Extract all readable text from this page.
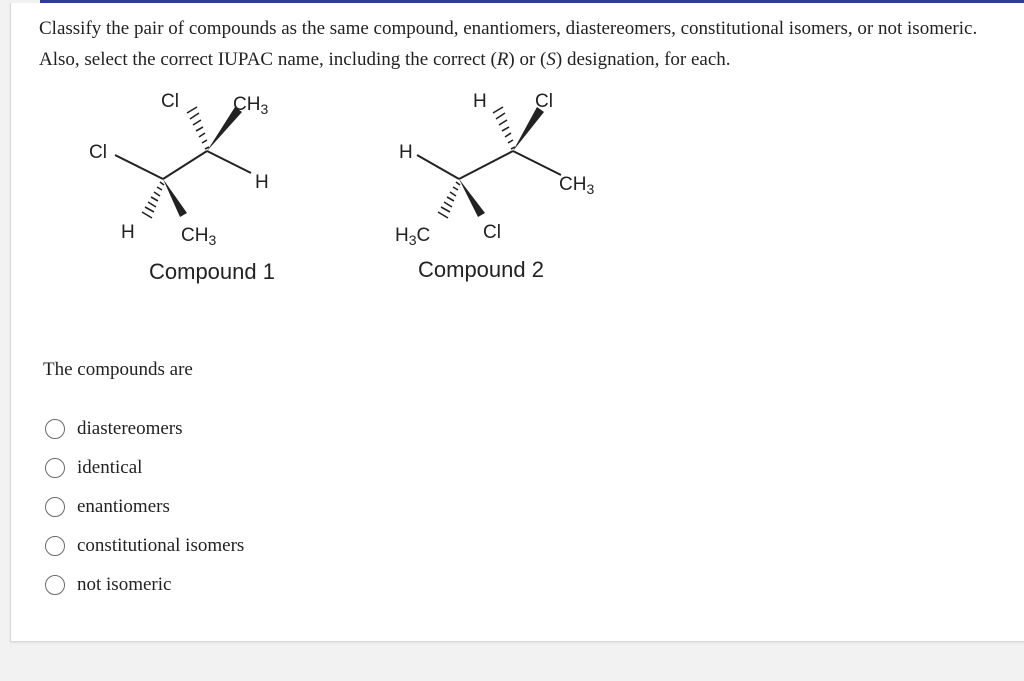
Classify the pair of compounds as the same compound, enantiomers, diastereomers, constitutional isomers, or not isomeric.
Also, select the correct IUPAC name, including the correct (R) or (S) designation, for each.
Cl	$CH_3$
Cl
H
H $CH_3$
Compound 1
H	Cl
H
$CH_3$
$H_3C$	Cl
Compound 2
The compounds are
diastereomers
identical
enantiomers
constitutional isomers
not isomeric
